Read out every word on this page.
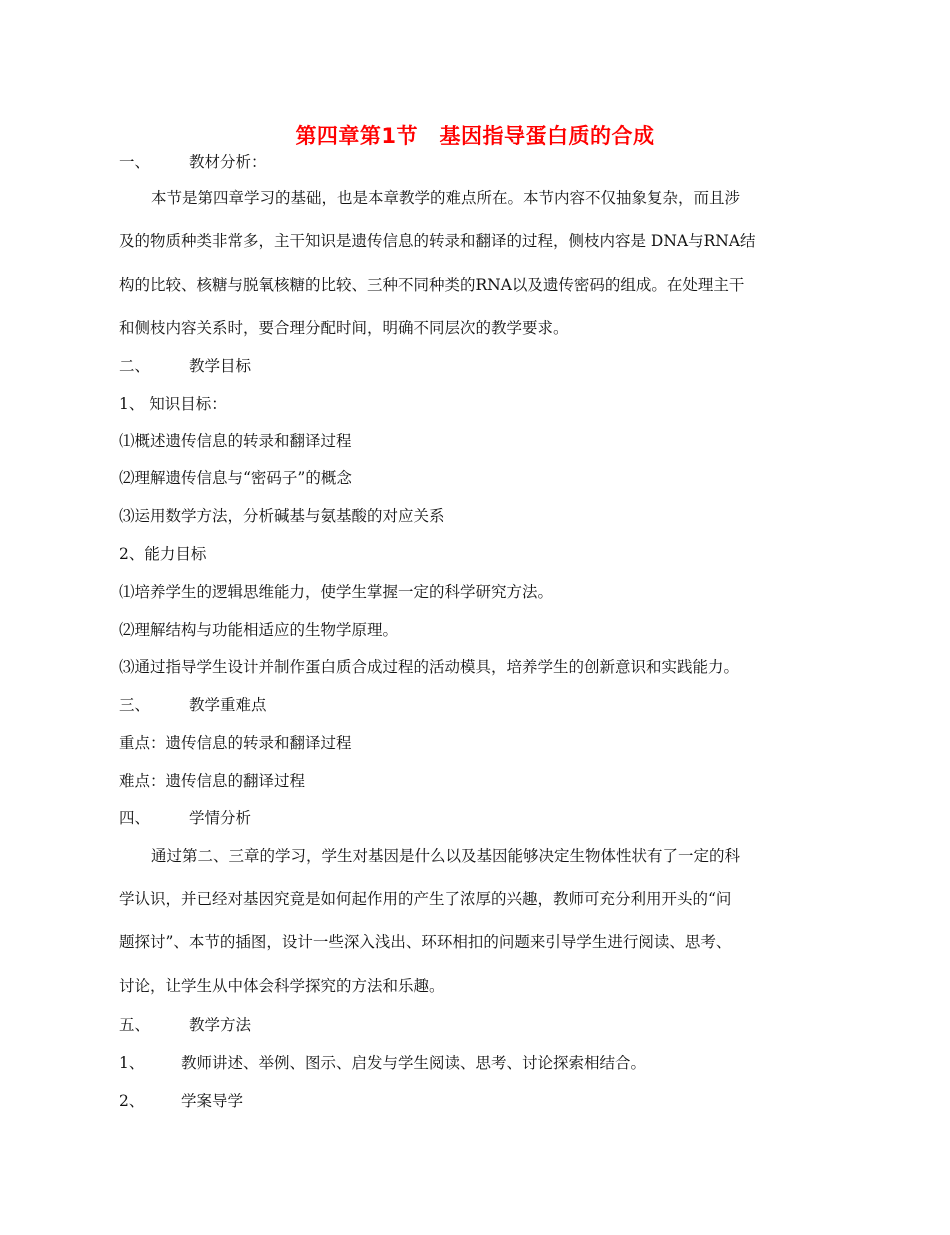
第四章第1节　基因指导蛋白质的合成
一、	教材分析：
本节是第四章学习的基础，也是本章教学的难点所在。本节内容不仅抽象复杂，而且涉
及的物质种类非常多，主干知识是遗传信息的转录和翻译的过程，侧枝内容是 DNA与RNA结
构的比较、核糖与脱氧核糖的比较、三种不同种类的RNA以及遗传密码的组成。在处理主干
和侧枝内容关系时，要合理分配时间，明确不同层次的教学要求。
二、	教学目标
1、 知识目标：
⑴概述遗传信息的转录和翻译过程
⑵理解遗传信息与“密码子”的概念
⑶运用数学方法，分析碱基与氨基酸的对应关系
2、能力目标
⑴培养学生的逻辑思维能力，使学生掌握一定的科学研究方法。
⑵理解结构与功能相适应的生物学原理。
⑶通过指导学生设计并制作蛋白质合成过程的活动模具，培养学生的创新意识和实践能力。
三、	教学重难点
重点：遗传信息的转录和翻译过程
难点：遗传信息的翻译过程
四、	学情分析
通过第二、三章的学习，学生对基因是什么以及基因能够决定生物体性状有了一定的科
学认识，并已经对基因究竟是如何起作用的产生了浓厚的兴趣，教师可充分利用开头的“问
题探讨”、本节的插图，设计一些深入浅出、环环相扣的问题来引导学生进行阅读、思考、
讨论，让学生从中体会科学探究的方法和乐趣。
五、	教学方法
1、 教师讲述、举例、图示、启发与学生阅读、思考、讨论探索相结合。
2、 学案导学
